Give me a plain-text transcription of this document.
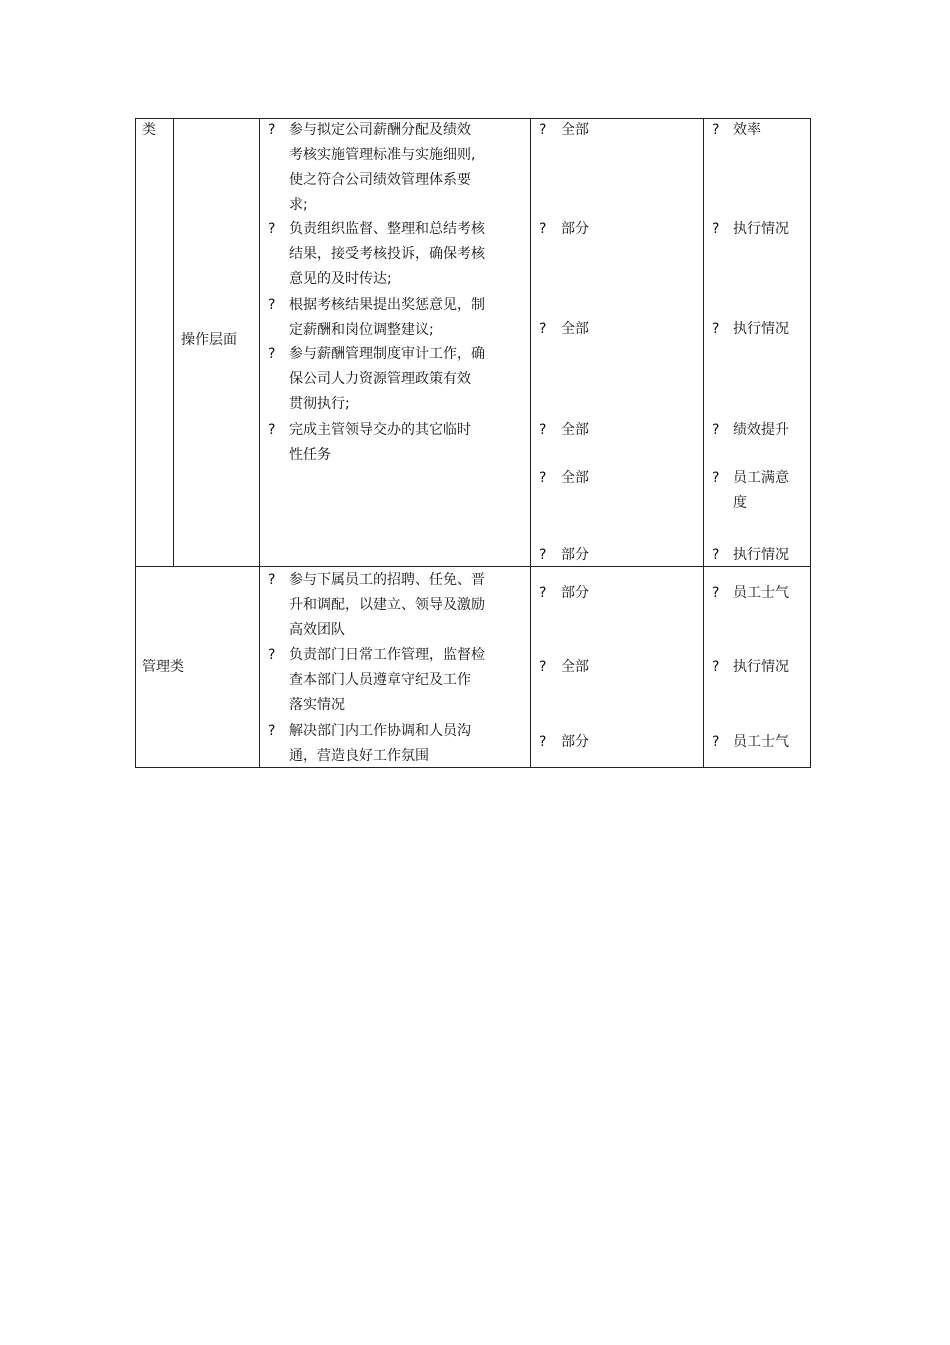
类
操作层面
? 参与拟定公司薪酬分配及绩效
考核实施管理标准与实施细则,
使之符合公司绩效管理体系要
求;
? 负责组织监督、整理和总结考核
结果，接受考核投诉，确保考核
意见的及时传达;
? 根据考核结果提出奖惩意见，制
定薪酬和岗位调整建议;
? 参与薪酬管理制度审计工作，确
保公司人力资源管理政策有效
贯彻执行;
? 完成主管领导交办的其它临时
性任务
? 全部
? 部分
? 全部
? 全部
? 全部
? 部分
? 效率
? 执行情况
? 执行情况
? 绩效提升
? 员工满意
度
? 执行情况
管理类
? 参与下属员工的招聘、任免、晋
升和调配，以建立、领导及激励
高效团队
? 负责部门日常工作管理，监督检
查本部门人员遵章守纪及工作
落实情况
? 解决部门内工作协调和人员沟
通，营造良好工作氛围
? 部分
? 全部
? 部分
? 员工士气
? 执行情况
? 员工士气
